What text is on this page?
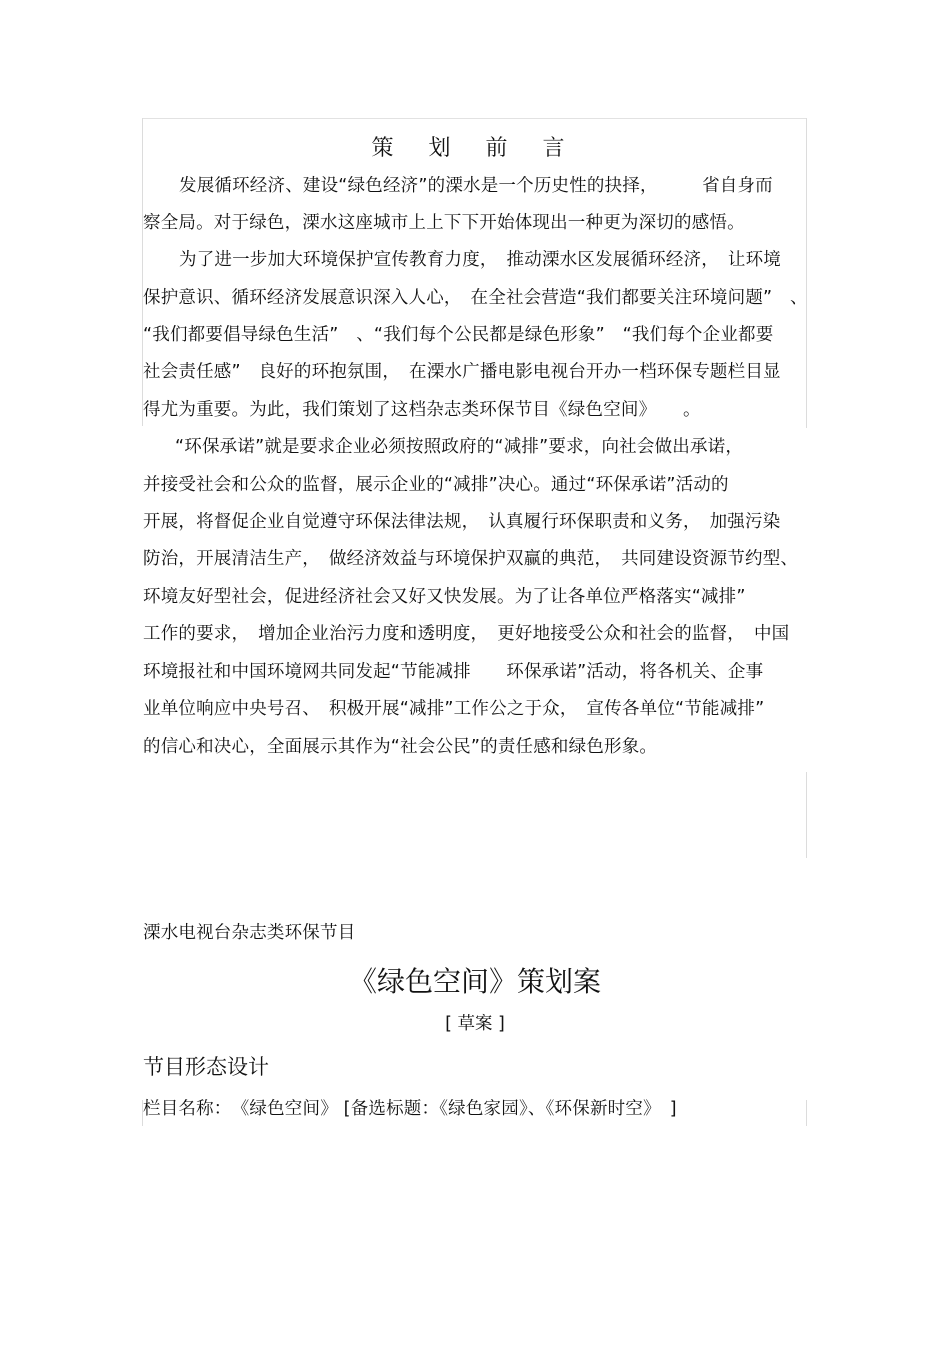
策 划 前 言
发展循环经济、建设“绿色经济”的溧水是一个历史性的抉择，　　　省自身而
察全局。对于绿色，溧水这座城市上上下下开始体现出一种更为深切的感悟。
为了进一步加大环境保护宣传教育力度，　推动溧水区发展循环经济，　让环境
保护意识、循环经济发展意识深入人心，　在全社会营造“我们都要关注环境问题”　、
“我们都要倡导绿色生活”　、“我们每个公民都是绿色形象”　“我们每个企业都要
社会责任感”　良好的环抱氛围，　在溧水广播电影电视台开办一档环保专题栏目显
得尤为重要。为此，我们策划了这档杂志类环保节目《绿色空间》　　。
“环保承诺”就是要求企业必须按照政府的“减排”要求，向社会做出承诺，
并接受社会和公众的监督，展示企业的“减排”决心。通过“环保承诺”活动的
开展，将督促企业自觉遵守环保法律法规，　认真履行环保职责和义务，　加强污染
防治，开展清洁生产，　做经济效益与环境保护双赢的典范，　共同建设资源节约型、
环境友好型社会，促进经济社会又好又快发展。为了让各单位严格落实“减排”
工作的要求，　增加企业治污力度和透明度，　更好地接受公众和社会的监督，　中国
环境报社和中国环境网共同发起“节能减排　　环保承诺”活动，将各机关、企事
业单位响应中央号召、　积极开展“减排”工作公之于众，　宣传各单位“节能减排”
的信心和决心，全面展示其作为“社会公民”的责任感和绿色形象。
溧水电视台杂志类环保节目
《绿色空间》策划案
[ 草案 ]
节目形态设计
栏目名称：　《绿色空间》 [备选标题：《绿色家园》、《环保新时空》　]
